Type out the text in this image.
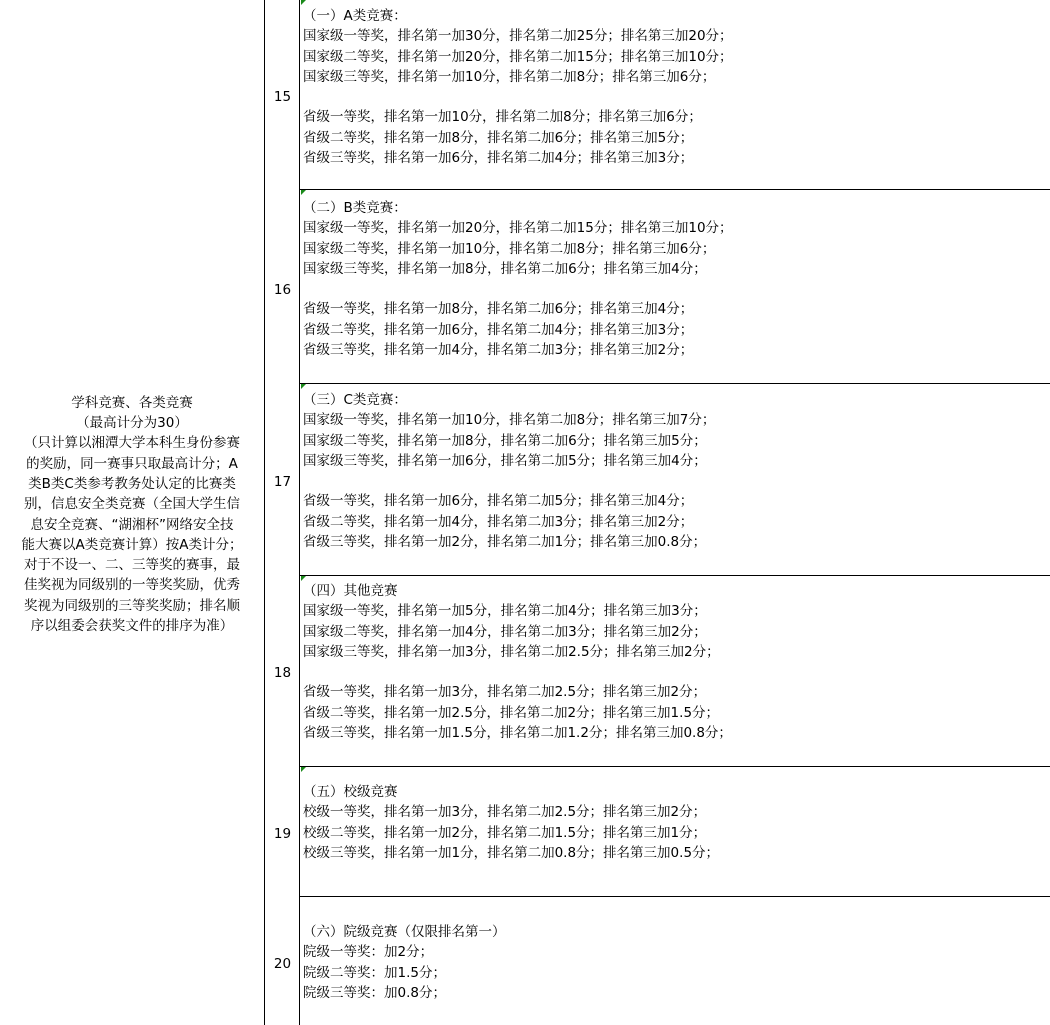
学科竞赛、各类竞赛
（最高计分为30）
（只计算以湘潭大学本科生身份参赛
的奖励，同一赛事只取最高计分；A
类B类C类参考教务处认定的比赛类
别，信息安全类竞赛（全国大学生信
息安全竞赛、“湖湘杯”网络安全技
能大赛以A类竞赛计算）按A类计分；
对于不设一、二、三等奖的赛事，最
佳奖视为同级别的一等奖奖励，优秀
奖视为同级别的三等奖奖励；排名顺
序以组委会获奖文件的排序为准）
15
16
17
18
19
20
（一）A类竞赛：
国家级一等奖，排名第一加30分，排名第二加25分；排名第三加20分；
国家级二等奖，排名第一加20分，排名第二加15分；排名第三加10分；
国家级三等奖，排名第一加10分，排名第二加8分；排名第三加6分；
省级一等奖，排名第一加10分，排名第二加8分；排名第三加6分；
省级二等奖，排名第一加8分，排名第二加6分；排名第三加5分；
省级三等奖，排名第一加6分，排名第二加4分；排名第三加3分；
（二）B类竞赛：
国家级一等奖，排名第一加20分，排名第二加15分；排名第三加10分；
国家级二等奖，排名第一加10分，排名第二加8分；排名第三加6分；
国家级三等奖，排名第一加8分，排名第二加6分；排名第三加4分；
省级一等奖，排名第一加8分，排名第二加6分；排名第三加4分；
省级二等奖，排名第一加6分，排名第二加4分；排名第三加3分；
省级三等奖，排名第一加4分，排名第二加3分；排名第三加2分；
（三）C类竞赛：
国家级一等奖，排名第一加10分，排名第二加8分；排名第三加7分；
国家级二等奖，排名第一加8分，排名第二加6分；排名第三加5分；
国家级三等奖，排名第一加6分，排名第二加5分；排名第三加4分；
省级一等奖，排名第一加6分，排名第二加5分；排名第三加4分；
省级二等奖，排名第一加4分，排名第二加3分；排名第三加2分；
省级三等奖，排名第一加2分，排名第二加1分；排名第三加0.8分；
（四）其他竞赛
国家级一等奖，排名第一加5分，排名第二加4分；排名第三加3分；
国家级二等奖，排名第一加4分，排名第二加3分；排名第三加2分；
国家级三等奖，排名第一加3分，排名第二加2.5分；排名第三加2分；
省级一等奖，排名第一加3分，排名第二加2.5分；排名第三加2分；
省级二等奖，排名第一加2.5分，排名第二加2分；排名第三加1.5分；
省级三等奖，排名第一加1.5分，排名第二加1.2分；排名第三加0.8分；
（五）校级竞赛
校级一等奖，排名第一加3分，排名第二加2.5分；排名第三加2分；
校级二等奖，排名第一加2分，排名第二加1.5分；排名第三加1分；
校级三等奖，排名第一加1分，排名第二加0.8分；排名第三加0.5分；
（六）院级竞赛（仅限排名第一）
院级一等奖：加2分；
院级二等奖：加1.5分；
院级三等奖：加0.8分；
